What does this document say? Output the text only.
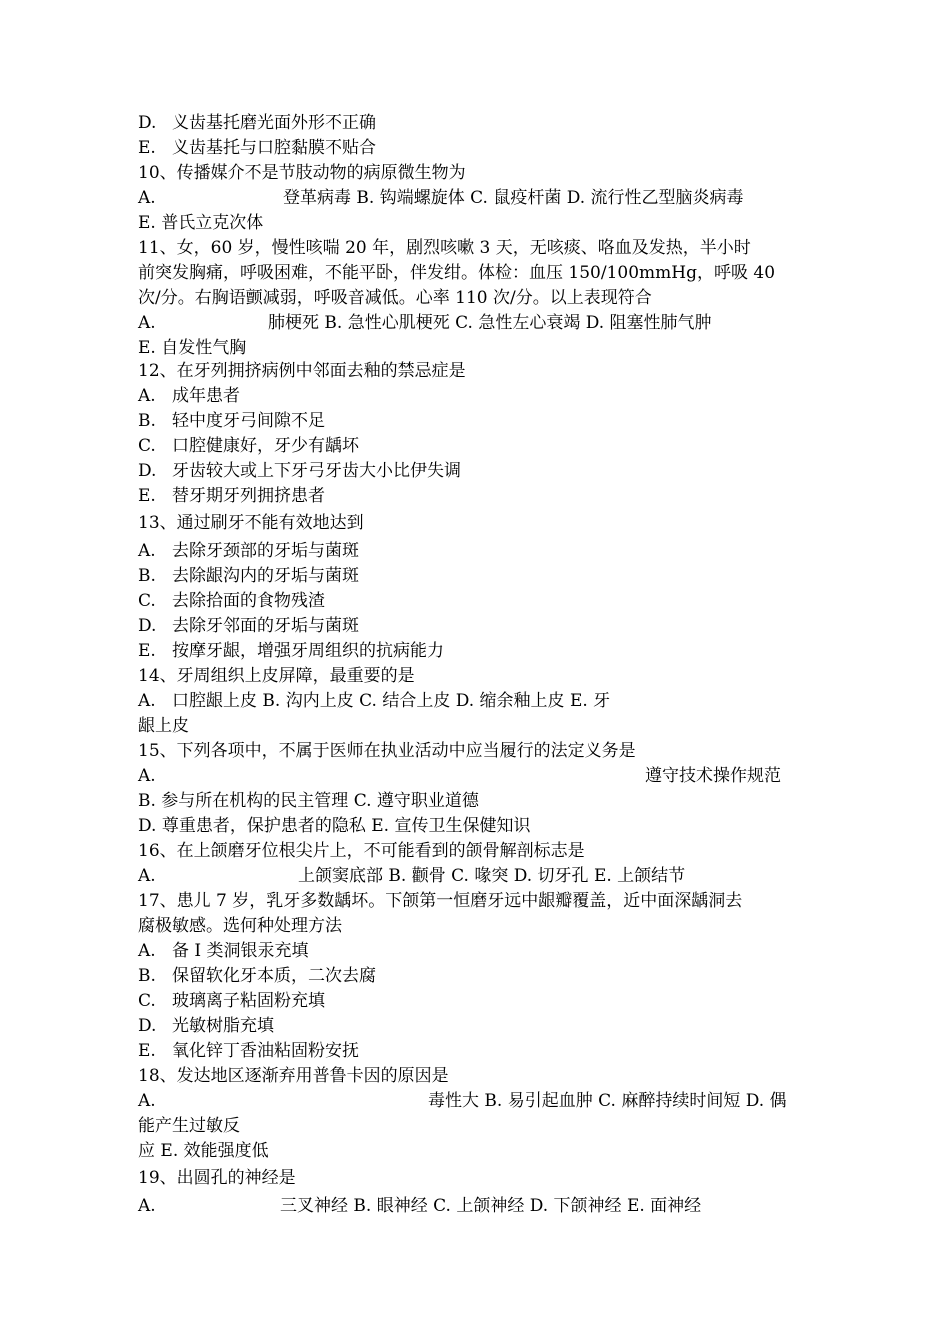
D. 义齿基托磨光面外形不正确
E. 义齿基托与口腔黏膜不贴合
10、传播媒介不是节肢动物的病原微生物为
A.	登革病毒 B. 钩端螺旋体 C. 鼠疫杆菌 D. 流行性乙型脑炎病毒
E. 普氏立克次体
11、女，60 岁，慢性咳喘 20 年，剧烈咳嗽 3 天，无咳痰、咯血及发热，半小时
前突发胸痛，呼吸困难，不能平卧，伴发绀。体检：血压 150/100mmHg，呼吸 40
次/分。右胸语颤减弱，呼吸音减低。心率 110 次/分。以上表现符合
A.	肺梗死 B. 急性心肌梗死 C. 急性左心衰竭 D. 阻塞性肺气肿
E. 自发性气胸
12、在牙列拥挤病例中邻面去釉的禁忌症是
A. 成年患者
B. 轻中度牙弓间隙不足
C. 口腔健康好，牙少有龋坏
D. 牙齿较大或上下牙弓牙齿大小比伊失调
E. 替牙期牙列拥挤患者
13、通过刷牙不能有效地达到
A. 去除牙颈部的牙垢与菌斑
B. 去除龈沟内的牙垢与菌斑
C. 去除拾面的食物残渣
D. 去除牙邻面的牙垢与菌斑
E. 按摩牙龈，增强牙周组织的抗病能力
14、牙周组织上皮屏障，最重要的是
A. 口腔龈上皮 B. 沟内上皮 C. 结合上皮 D. 缩余釉上皮 E. 牙
龈上皮
15、下列各项中，不属于医师在执业活动中应当履行的法定义务是
A.	遵守技术操作规范
B. 参与所在机构的民主管理 C. 遵守职业道德
D. 尊重患者，保护患者的隐私 E. 宣传卫生保健知识
16、在上颌磨牙位根尖片上，不可能看到的颌骨解剖标志是
A.	上颌窦底部 B. 颧骨 C. 喙突 D. 切牙孔 E. 上颌结节
17、患儿 7 岁，乳牙多数龋坏。下颌第一恒磨牙远中龈瓣覆盖，近中面深龋洞去
腐极敏感。选何种处理方法
A. 备 I 类洞银汞充填
B. 保留软化牙本质，二次去腐
C. 玻璃离子粘固粉充填
D. 光敏树脂充填
E. 氧化锌丁香油粘固粉安抚
18、发达地区逐渐弃用普鲁卡因的原因是
A.	毒性大 B. 易引起血肿 C. 麻醉持续时间短 D. 偶
能产生过敏反
应 E. 效能强度低
19、出圆孔的神经是
A.	三叉神经 B. 眼神经 C. 上颌神经 D. 下颌神经 E. 面神经
